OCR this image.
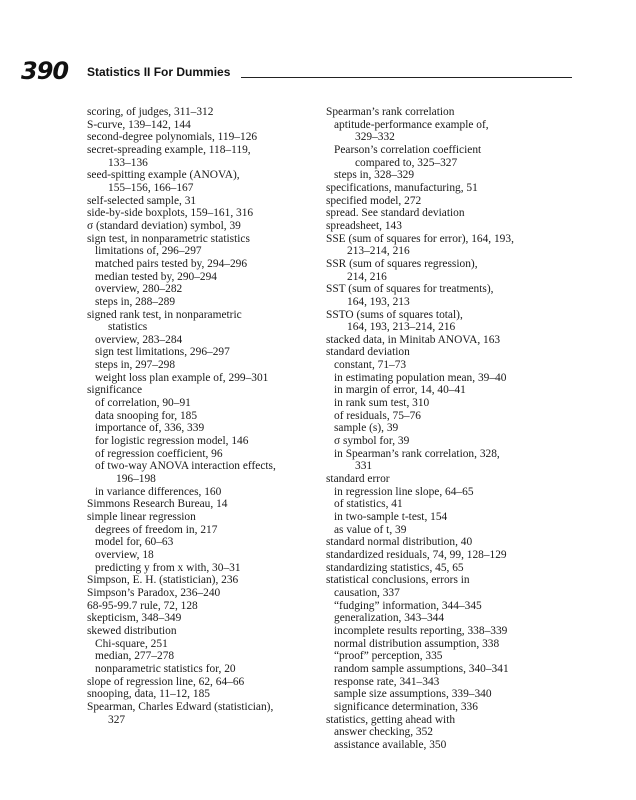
390 Statistics II For Dummies
scoring, of judges, 311–312
S-curve, 139–142, 144
second-degree polynomials, 119–126
secret-spreading example, 118–119,
133–136
seed-spitting example (ANOVA),
155–156, 166–167
self-selected sample, 31
side-by-side boxplots, 159–161, 316
σ (standard deviation) symbol, 39
sign test, in nonparametric statistics
limitations of, 296–297
matched pairs tested by, 294–296
median tested by, 290–294
overview, 280–282
steps in, 288–289
signed rank test, in nonparametric
statistics
overview, 283–284
sign test limitations, 296–297
steps in, 297–298
weight loss plan example of, 299–301
significance
of correlation, 90–91
data snooping for, 185
importance of, 336, 339
for logistic regression model, 146
of regression coefficient, 96
of two-way ANOVA interaction effects,
196–198
in variance differences, 160
Simmons Research Bureau, 14
simple linear regression
degrees of freedom in, 217
model for, 60–63
overview, 18
predicting y from x with, 30–31
Simpson, E. H. (statistician), 236
Simpson’s Paradox, 236–240
68-95-99.7 rule, 72, 128
skepticism, 348–349
skewed distribution
Chi-square, 251
median, 277–278
nonparametric statistics for, 20
slope of regression line, 62, 64–66
snooping, data, 11–12, 185
Spearman, Charles Edward (statistician),
327
Spearman’s rank correlation
aptitude-performance example of,
329–332
Pearson’s correlation coefficient
compared to, 325–327
steps in, 328–329
specifications, manufacturing, 51
specified model, 272
spread. See standard deviation
spreadsheet, 143
SSE (sum of squares for error), 164, 193,
213–214, 216
SSR (sum of squares regression),
214, 216
SST (sum of squares for treatments),
164, 193, 213
SSTO (sums of squares total),
164, 193, 213–214, 216
stacked data, in Minitab ANOVA, 163
standard deviation
constant, 71–73
in estimating population mean, 39–40
in margin of error, 14, 40–41
in rank sum test, 310
of residuals, 75–76
sample (s), 39
σ symbol for, 39
in Spearman’s rank correlation, 328,
331
standard error
in regression line slope, 64–65
of statistics, 41
in two-sample t-test, 154
as value of t, 39
standard normal distribution, 40
standardized residuals, 74, 99, 128–129
standardizing statistics, 45, 65
statistical conclusions, errors in
causation, 337
“fudging” information, 344–345
generalization, 343–344
incomplete results reporting, 338–339
normal distribution assumption, 338
“proof” perception, 335
random sample assumptions, 340–341
response rate, 341–343
sample size assumptions, 339–340
significance determination, 336
statistics, getting ahead with
answer checking, 352
assistance available, 350
